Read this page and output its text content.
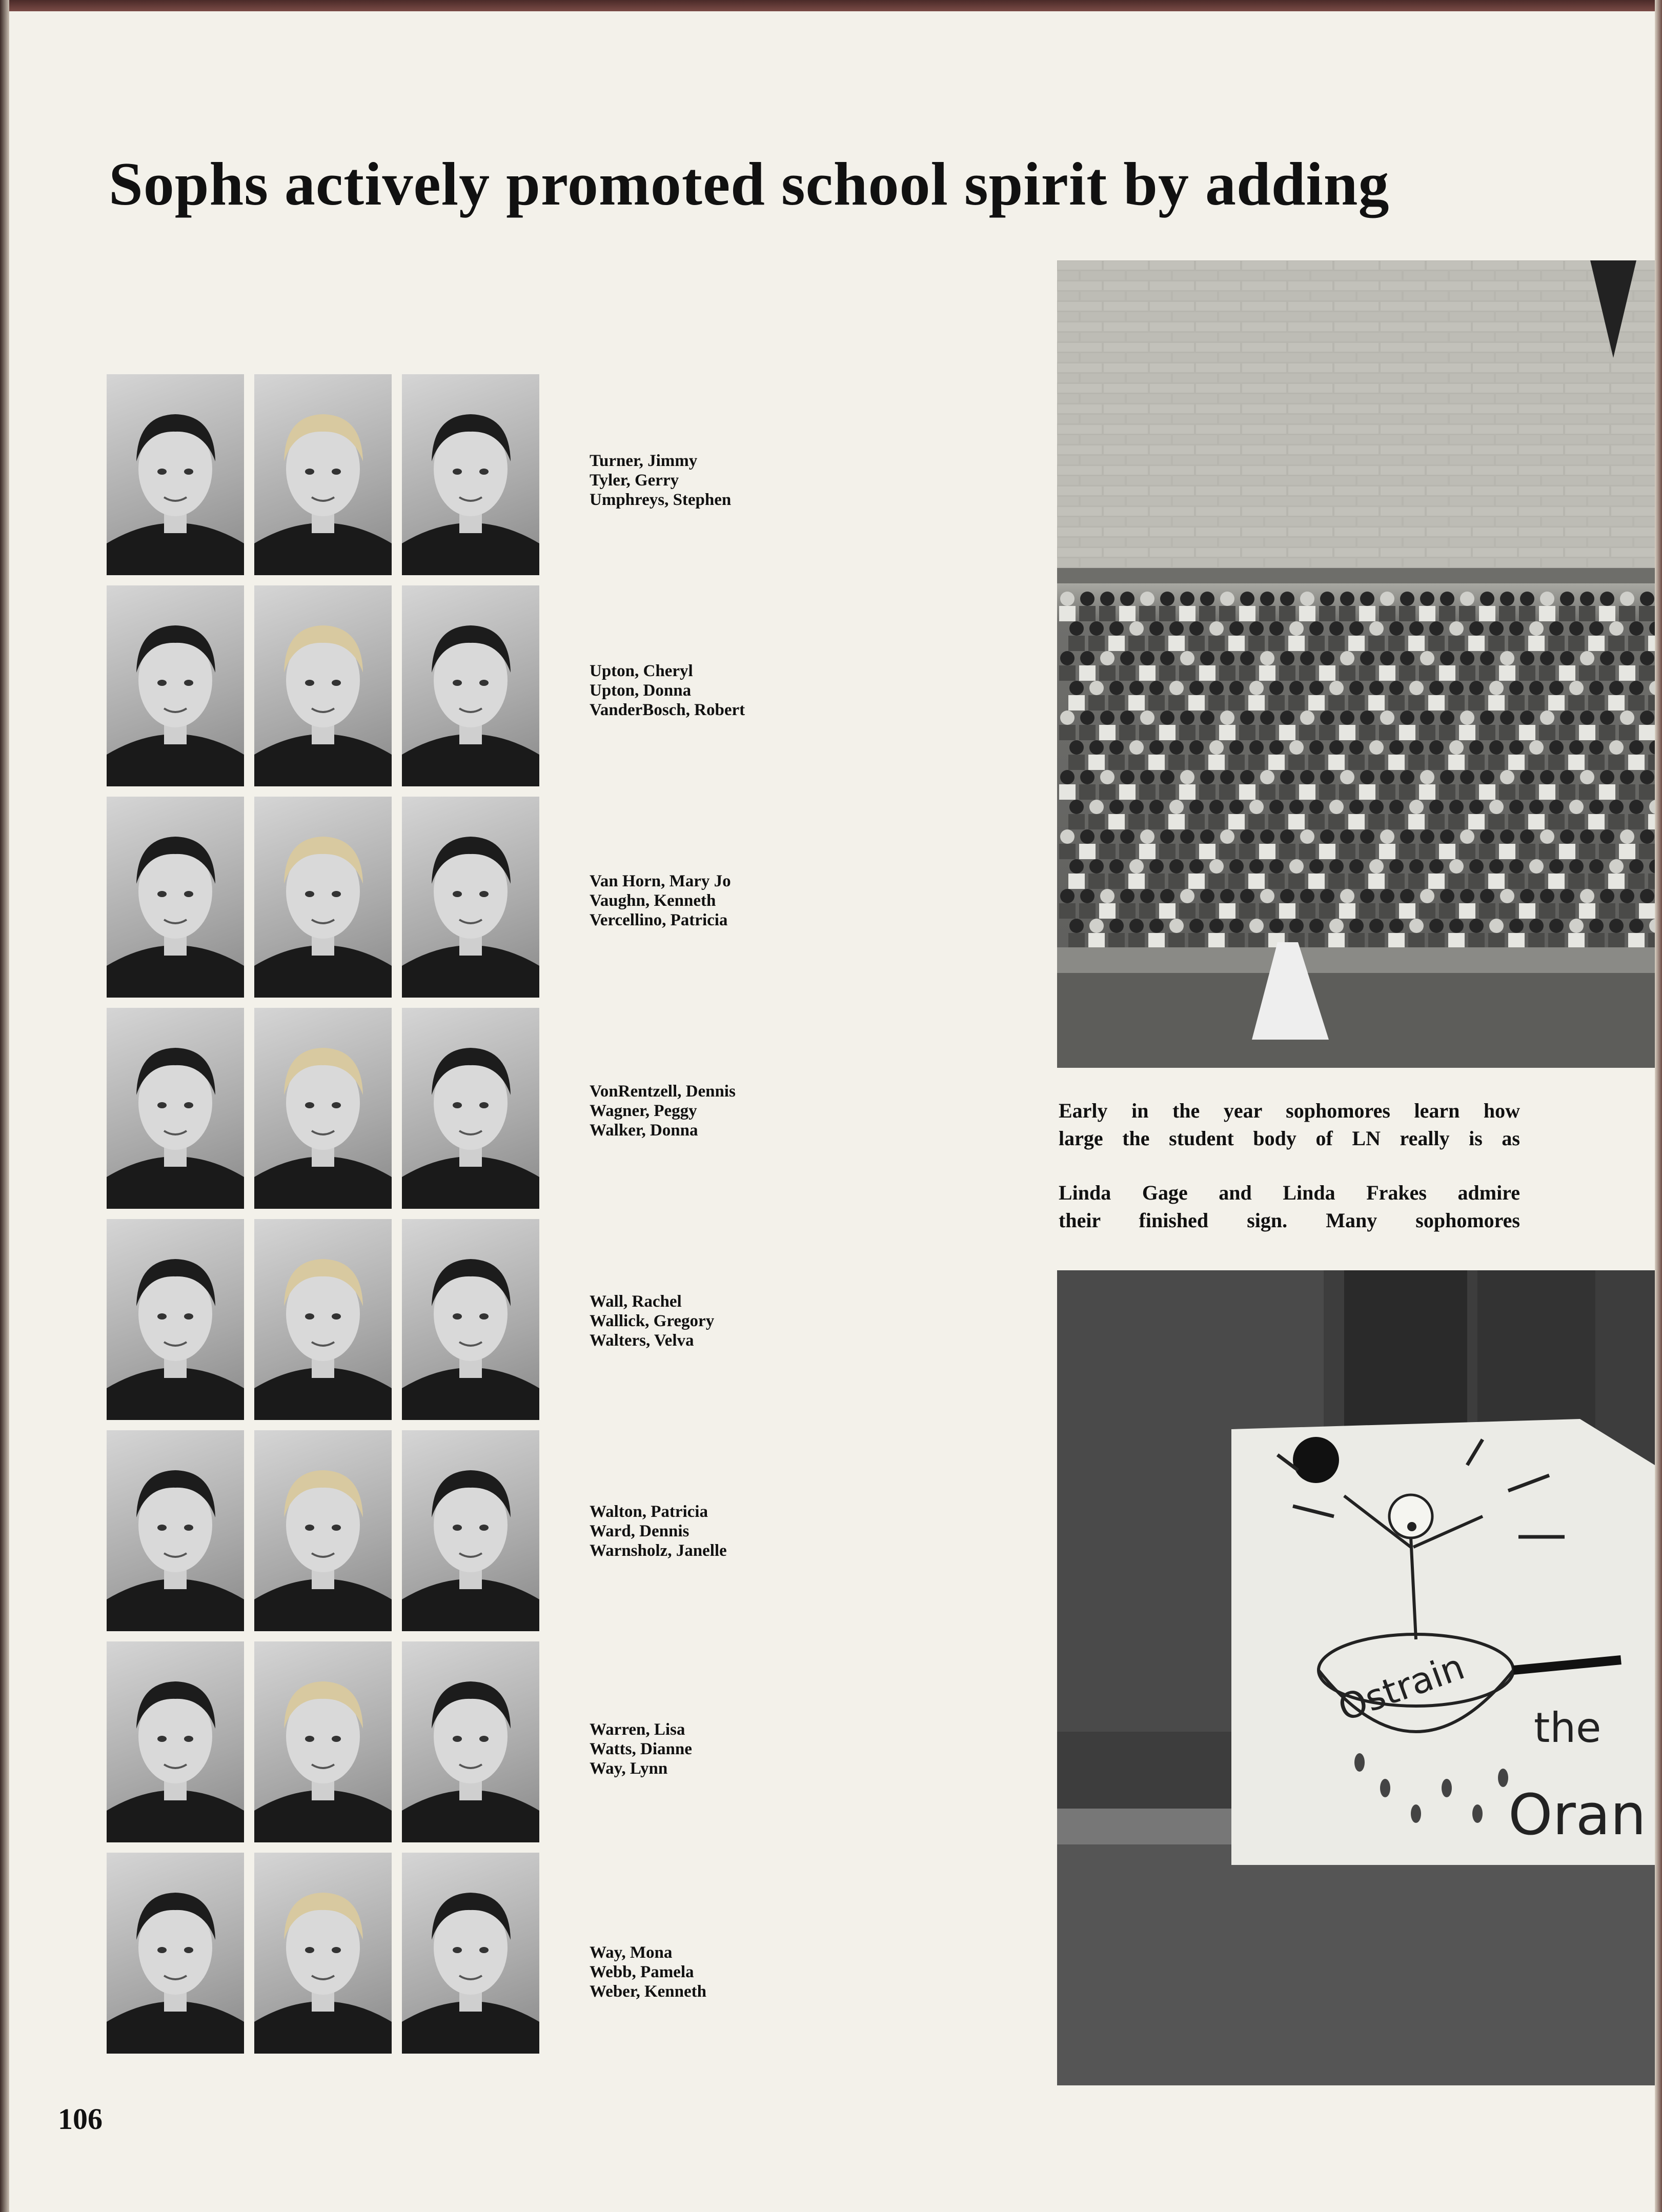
Sophs actively promoted school spirit by adding
Turner, Jimmy
Tyler, Gerry
Umphreys, Stephen
Upton, Cheryl
Upton, Donna
VanderBosch, Robert
Van Horn, Mary Jo
Vaughn, Kenneth
Vercellino, Patricia
VonRentzell, Dennis
Wagner, Peggy
Walker, Donna
Wall, Rachel
Wallick, Gregory
Walters, Velva
Walton, Patricia
Ward, Dennis
Warnsholz, Janelle
Warren, Lisa
Watts, Dianne
Way, Lynn
Way, Mona
Webb, Pamela
Weber, Kenneth
Early in the year sophomores learn how
large the student body of LN really is as
Linda Gage and Linda Frakes admire
their finished sign. Many sophomores
Ostrain the
Oran
106
